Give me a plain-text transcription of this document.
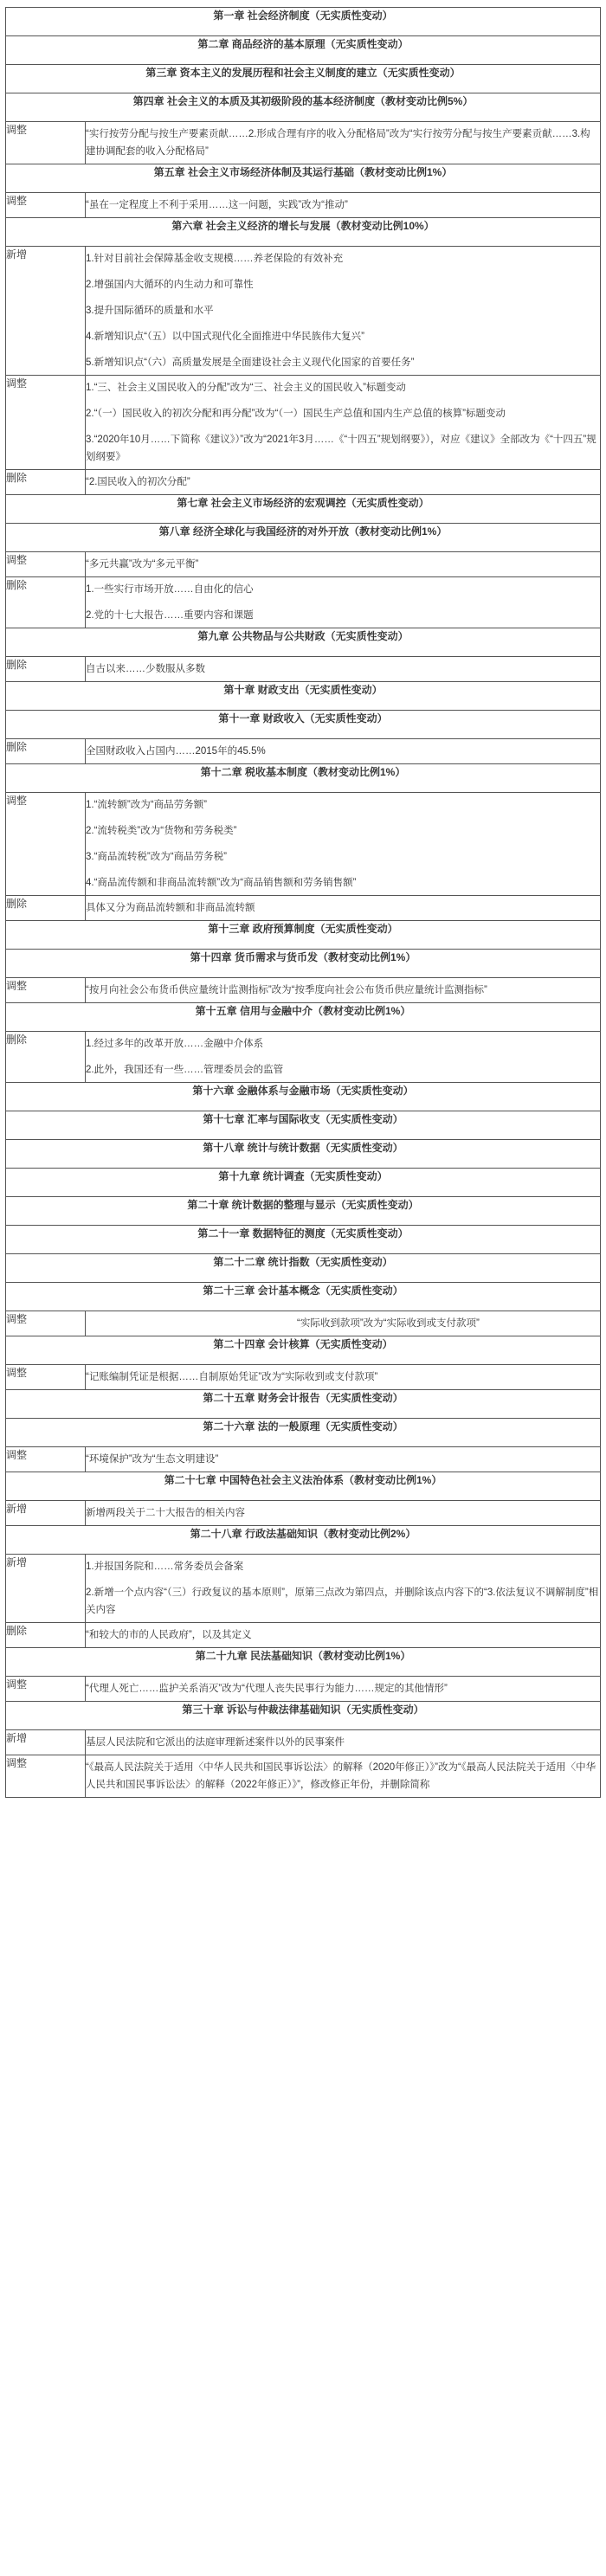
第一章 社会经济制度（无实质性变动）	
第二章 商品经济的基本原理（无实质性变动）	
第三章 资本主义的发展历程和社会主义制度的建立（无实质性变动）	
第四章 社会主义的本质及其初级阶段的基本经济制度（教材变动比例5%）	
调整	“实行按劳分配与按生产要素贡献……2.形成合理有序的收入分配格局”改为“实行按劳分配与按生产要素贡献……3.构建协调配套的收入分配格局”

第五章 社会主义市场经济体制及其运行基础（教材变动比例1%）	
调整	“虽在一定程度上不利于采用……这一问题，实践”改为“推动”

第六章 社会主义经济的增长与发展（教材变动比例10%）	
新增	1.针对目前社会保障基金收支规模……养老保险的有效补充
2.增强国内大循环的内生动力和可靠性
3.提升国际循环的质量和水平
4.新增知识点“（五）以中国式现代化全面推进中华民族伟大复兴”
5.新增知识点“（六）高质量发展是全面建设社会主义现代化国家的首要任务”

调整	1.“三、社会主义国民收入的分配”改为“三、社会主义的国民收入”标题变动
2.“（一）国民收入的初次分配和再分配”改为“（一）国民生产总值和国内生产总值的核算”标题变动
3.“2020年10月……下简称《建议》）”改为“2021年3月……《“十四五”规划纲要》），对应《建议》全部改为《“十四五”规划纲要》

删除	“2.国民收入的初次分配”

第七章 社会主义市场经济的宏观调控（无实质性变动）	
第八章 经济全球化与我国经济的对外开放（教材变动比例1%）	
调整	“多元共赢”改为“多元平衡”

删除	1.一些实行市场开放……自由化的信心
2.党的十七大报告……重要内容和课题

第九章 公共物品与公共财政（无实质性变动）	
删除	自古以来……少数服从多数

第十章 财政支出（无实质性变动）	
第十一章 财政收入（无实质性变动）	
删除	全国财政收入占国内……2015年的45.5%

第十二章 税收基本制度（教材变动比例1%）	
调整	1.“流转额”改为“商品劳务额”
2.“流转税类”改为“货物和劳务税类”
3.“商品流转税”改为“商品劳务税”
4.“商品流传额和非商品流转额”改为“商品销售额和劳务销售额”

删除	具体又分为商品流转额和非商品流转额

第十三章 政府预算制度（无实质性变动）	
第十四章 货币需求与货币发（教材变动比例1%）	
调整	“按月向社会公布货币供应量统计监测指标”改为“按季度向社会公布货币供应量统计监测指标”

第十五章 信用与金融中介（教材变动比例1%）	
删除	1.经过多年的改革开放……金融中介体系
2.此外，我国还有一些……管理委员会的监管

第十六章 金融体系与金融市场（无实质性变动）	
第十七章 汇率与国际收支（无实质性变动）	
第十八章 统计与统计数据（无实质性变动）	
第十九章 统计调查（无实质性变动）	
第二十章 统计数据的整理与显示（无实质性变动）	
第二十一章 数据特征的测度（无实质性变动）	
第二十二章 统计指数（无实质性变动）	
第二十三章 会计基本概念（无实质性变动）	
调整	“实际收到款项”改为“实际收到或支付款项”

第二十四章 会计核算（无实质性变动）	
调整	“记账编制凭证是根据……自制原始凭证”改为“实际收到或支付款项”

第二十五章 财务会计报告（无实质性变动）	
第二十六章 法的一般原理（无实质性变动）	
调整	“环境保护”改为“生态文明建设”

第二十七章 中国特色社会主义法治体系（教材变动比例1%）	
新增	新增两段关于二十大报告的相关内容

第二十八章 行政法基础知识（教材变动比例2%）	
新增	1.并报国务院和……常务委员会备案
2.新增一个点内容“（三）行政复议的基本原则”，原第三点改为第四点，并删除该点内容下的“3.依法复议不调解制度”相关内容

删除	“和较大的市的人民政府”，以及其定义

第二十九章 民法基础知识（教材变动比例1%）	
调整	“代理人死亡……监护关系消灭”改为“代理人丧失民事行为能力……规定的其他情形”

第三十章 诉讼与仲裁法律基础知识（无实质性变动）	
新增	基层人民法院和它派出的法庭审理新述案件以外的民事案件

调整	“《最高人民法院关于适用〈中华人民共和国民事诉讼法〉的解释（2020年修正）》”改为“《最高人民法院关于适用〈中华人民共和国民事诉讼法〉的解释（2022年修正）》”，修改修正年份，并删除简称
